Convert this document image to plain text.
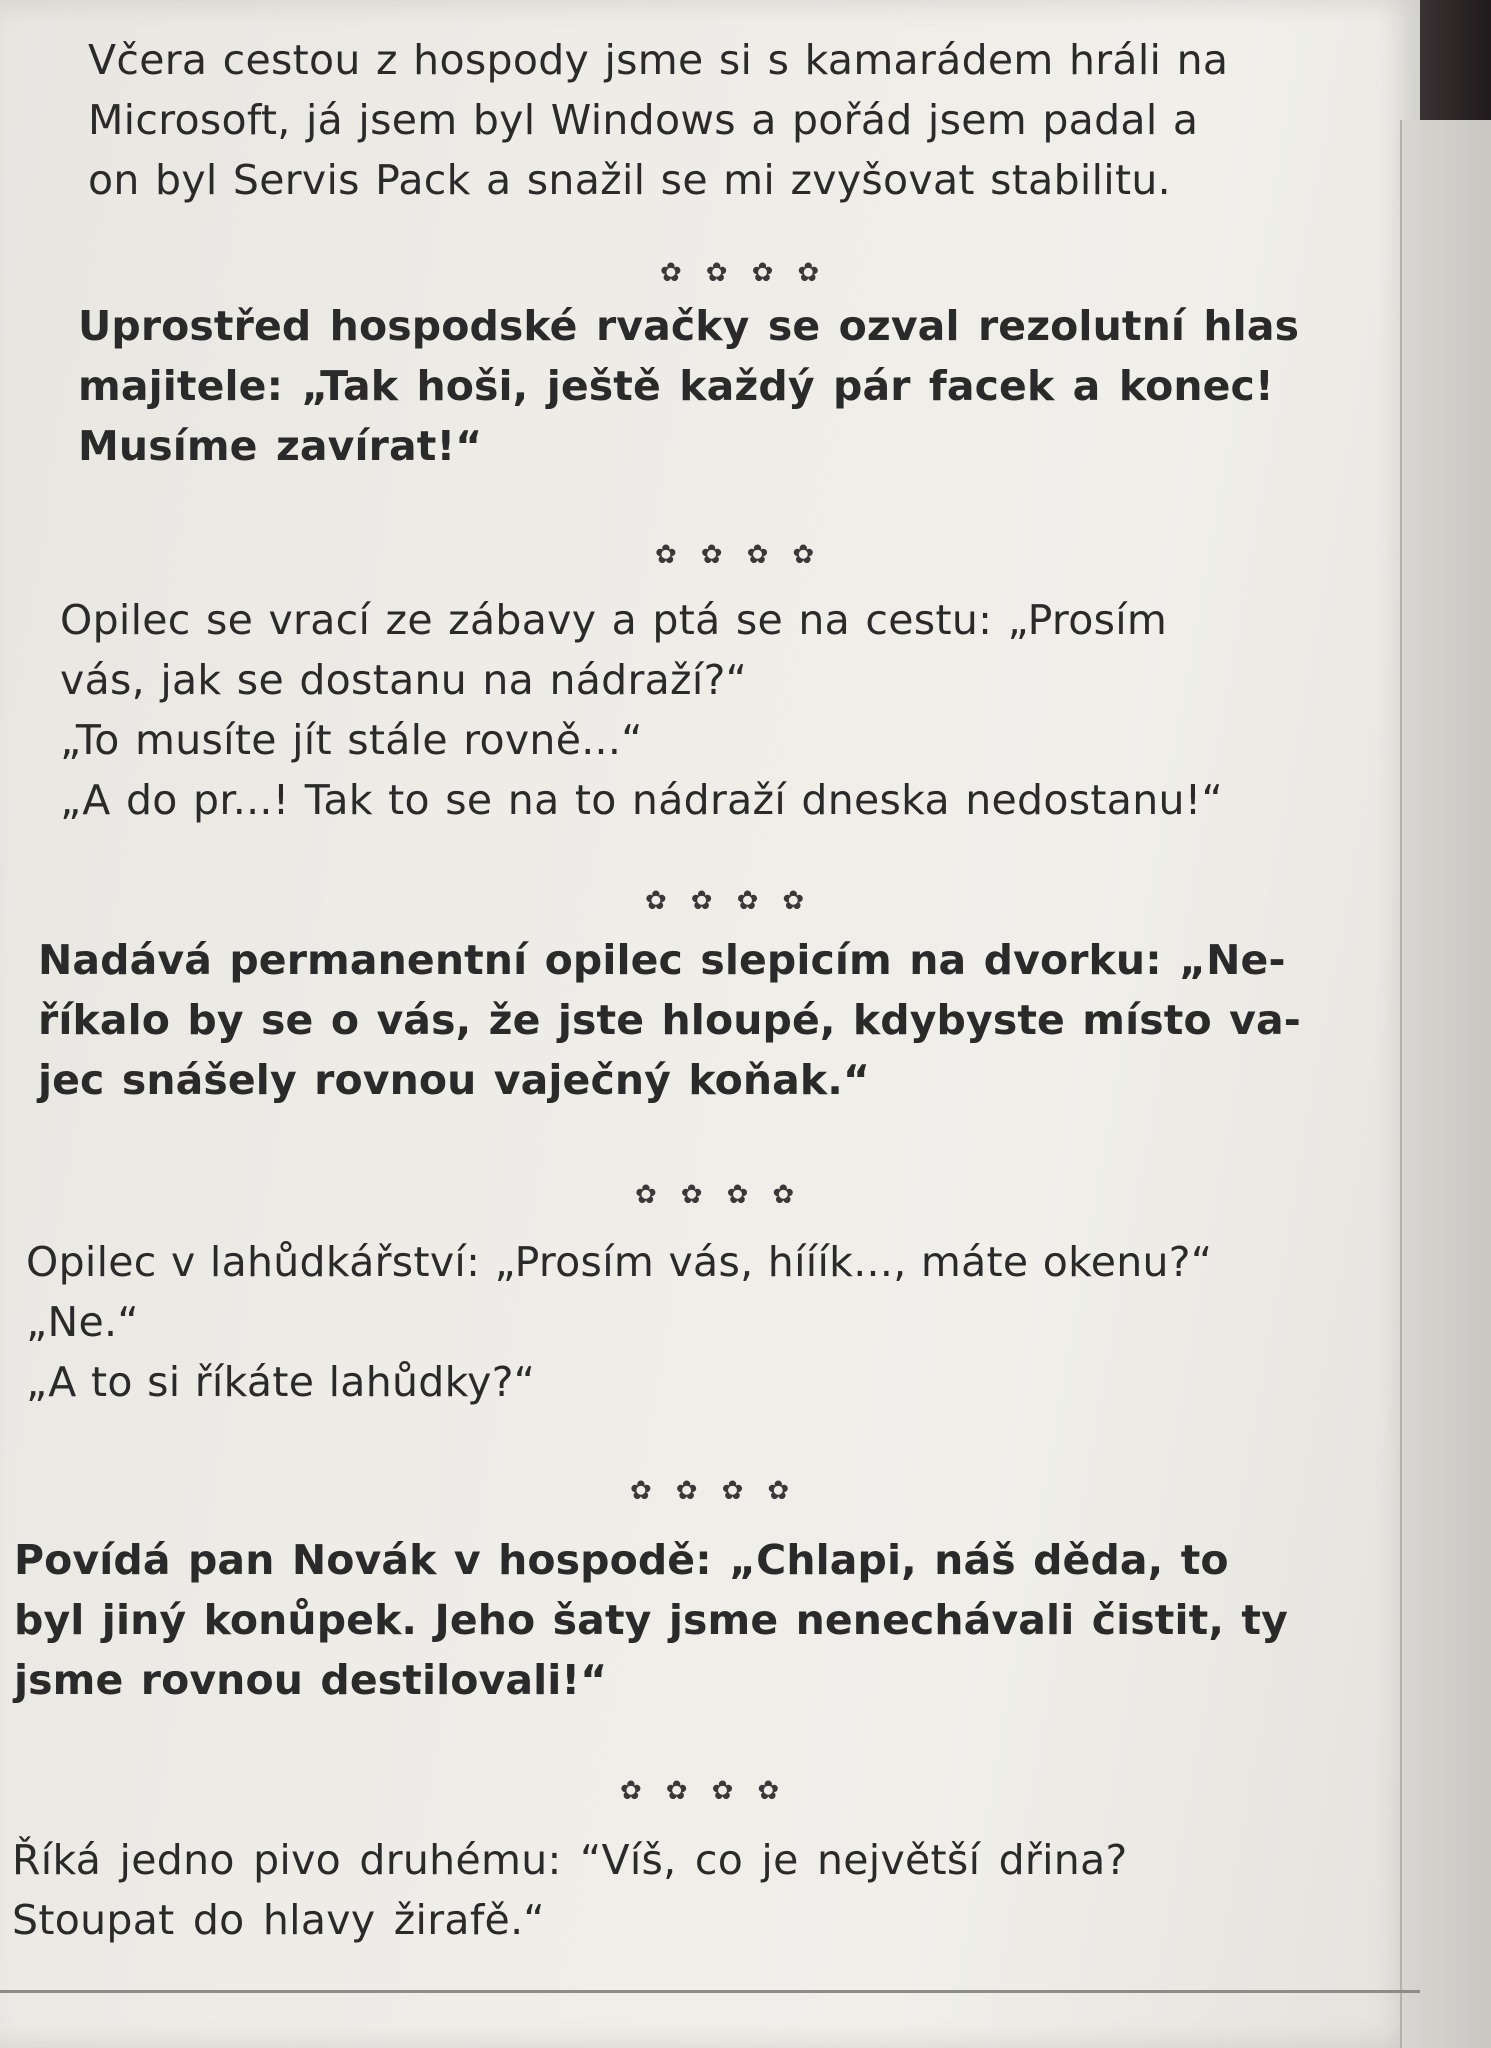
Včera cestou z hospody jsme si s kamarádem hráli na
Microsoft, já jsem byl Windows a pořád jsem padal a
on byl Servis Pack a snažil se mi zvyšovat stabilitu.

✿✿✿✿

Uprostřed hospodské rvačky se ozval rezolutní hlas
majitele: „Tak hoši, ještě každý pár facek a konec!
Musíme zavírat!“

✿✿✿✿

Opilec se vrací ze zábavy a ptá se na cestu: „Prosím
vás, jak se dostanu na nádraží?“
„To musíte jít stále rovně...“
„A do pr...! Tak to se na to nádraží dneska nedostanu!“

✿✿✿✿

Nadává permanentní opilec slepicím na dvorku: „Ne-
říkalo by se o vás, že jste hloupé, kdybyste místo va-
jec snášely rovnou vaječný koňak.“

✿✿✿✿

Opilec v lahůdkářství: „Prosím vás, hííík..., máte okenu?“
„Ne.“
„A to si říkáte lahůdky?“

✿✿✿✿

Povídá pan Novák v hospodě: „Chlapi, náš děda, to
byl jiný konůpek. Jeho šaty jsme nenechávali čistit, ty
jsme rovnou destilovali!“

✿✿✿✿

Říká jedno pivo druhému: “Víš, co je největší dřina?
Stoupat do hlavy žirafě.“
